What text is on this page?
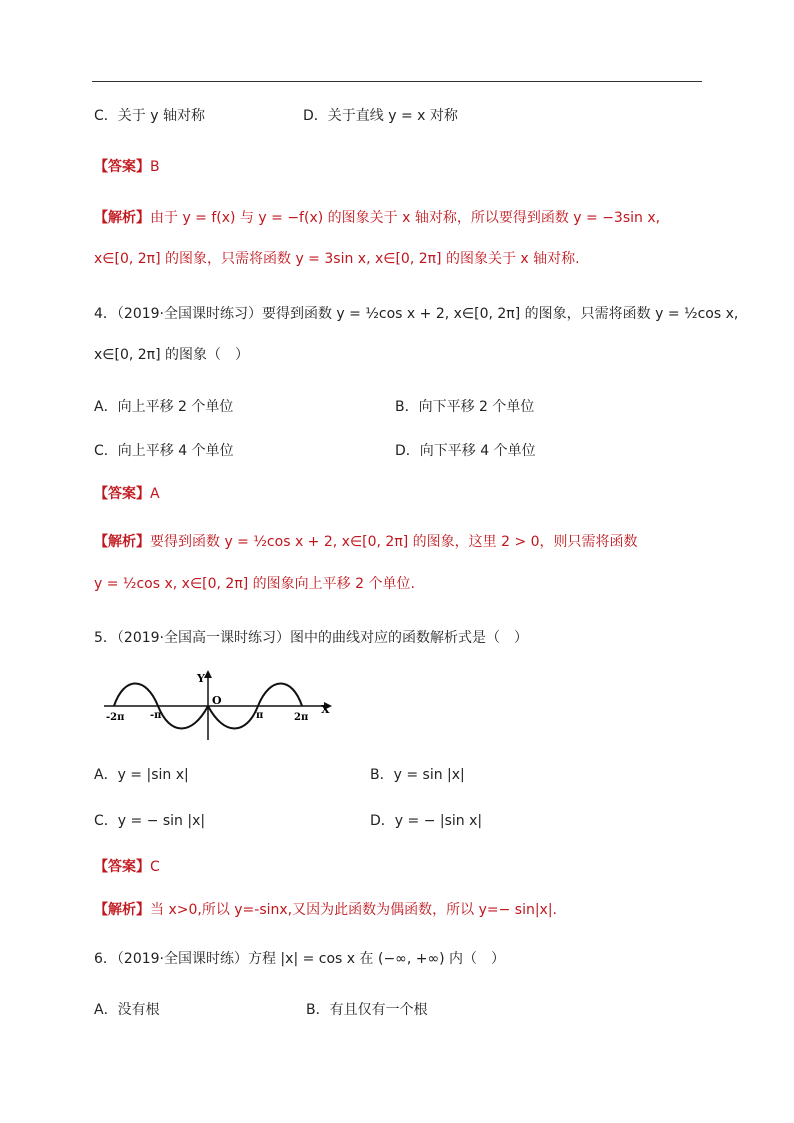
C．关于 y 轴对称	D．关于直线 y = x 对称
【答案】B
【解析】由于 y = f(x) 与 y = −f(x) 的图象关于 x 轴对称，所以要得到函数 y = −3sin x,
x∈[0, 2π] 的图象，只需将函数 y = 3sin x, x∈[0, 2π] 的图象关于 x 轴对称.
4．（2019·全国课时练习）要得到函数 y = ½cos x + 2, x∈[0, 2π] 的图象，只需将函数 y = ½cos x,
x∈[0, 2π] 的图象（　）
A．向上平移 2 个单位	B．向下平移 2 个单位
C．向上平移 4 个单位	D．向下平移 4 个单位
【答案】A
【解析】要得到函数 y = ½cos x + 2, x∈[0, 2π] 的图象，这里 2 > 0，则只需将函数
y = ½cos x, x∈[0, 2π] 的图象向上平移 2 个单位.
5．（2019·全国高一课时练习）图中的曲线对应的函数解析式是（　）
Y
O
X
-2π	-π	π	2π
A．y = |sin x|	B．y = sin |x|
C．y = − sin |x|	D．y = − |sin x|
【答案】C
【解析】当 x>0,所以 y=-sinx,又因为此函数为偶函数，所以 y=− sin|x|.
6．（2019·全国课时练）方程 |x| = cos x 在 (−∞, +∞) 内（　）
A．没有根	B．有且仅有一个根
